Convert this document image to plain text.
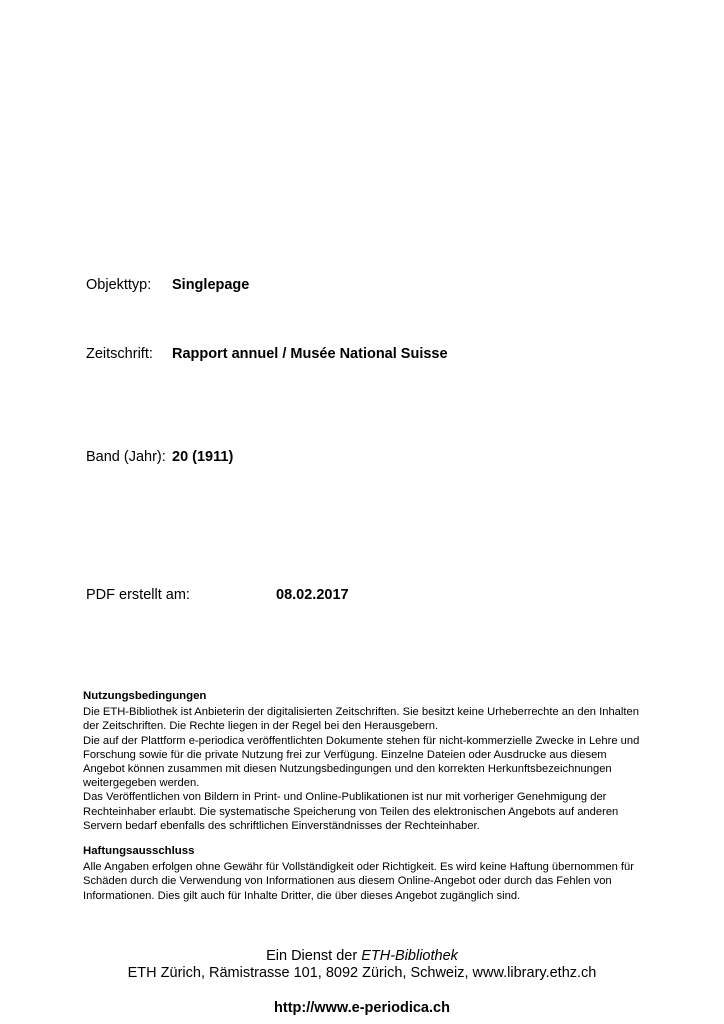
Objekttyp: Singlepage
Zeitschrift: Rapport annuel / Musée National Suisse
Band (Jahr): 20 (1911)
PDF erstellt am:	08.02.2017
Nutzungsbedingungen

Die ETH-Bibliothek ist Anbieterin der digitalisierten Zeitschriften. Sie besitzt keine Urheberrechte an den Inhalten der Zeitschriften. Die Rechte liegen in der Regel bei den Herausgebern.

Die auf der Plattform e-periodica veröffentlichten Dokumente stehen für nicht-kommerzielle Zwecke in Lehre und Forschung sowie für die private Nutzung frei zur Verfügung. Einzelne Dateien oder Ausdrucke aus diesem Angebot können zusammen mit diesen Nutzungsbedingungen und den korrekten Herkunftsbezeichnungen weitergegeben werden.

Das Veröffentlichen von Bildern in Print- und Online-Publikationen ist nur mit vorheriger Genehmigung der Rechteinhaber erlaubt. Die systematische Speicherung von Teilen des elektronischen Angebots auf anderen Servern bedarf ebenfalls des schriftlichen Einverständnisses der Rechteinhaber.

Haftungsausschluss

Alle Angaben erfolgen ohne Gewähr für Vollständigkeit oder Richtigkeit. Es wird keine Haftung übernommen für Schäden durch die Verwendung von Informationen aus diesem Online-Angebot oder durch das Fehlen von Informationen. Dies gilt auch für Inhalte Dritter, die über dieses Angebot zugänglich sind.

Ein Dienst der ETH-Bibliothek
ETH Zürich, Rämistrasse 101, 8092 Zürich, Schweiz, www.library.ethz.ch
http://www.e-periodica.ch
